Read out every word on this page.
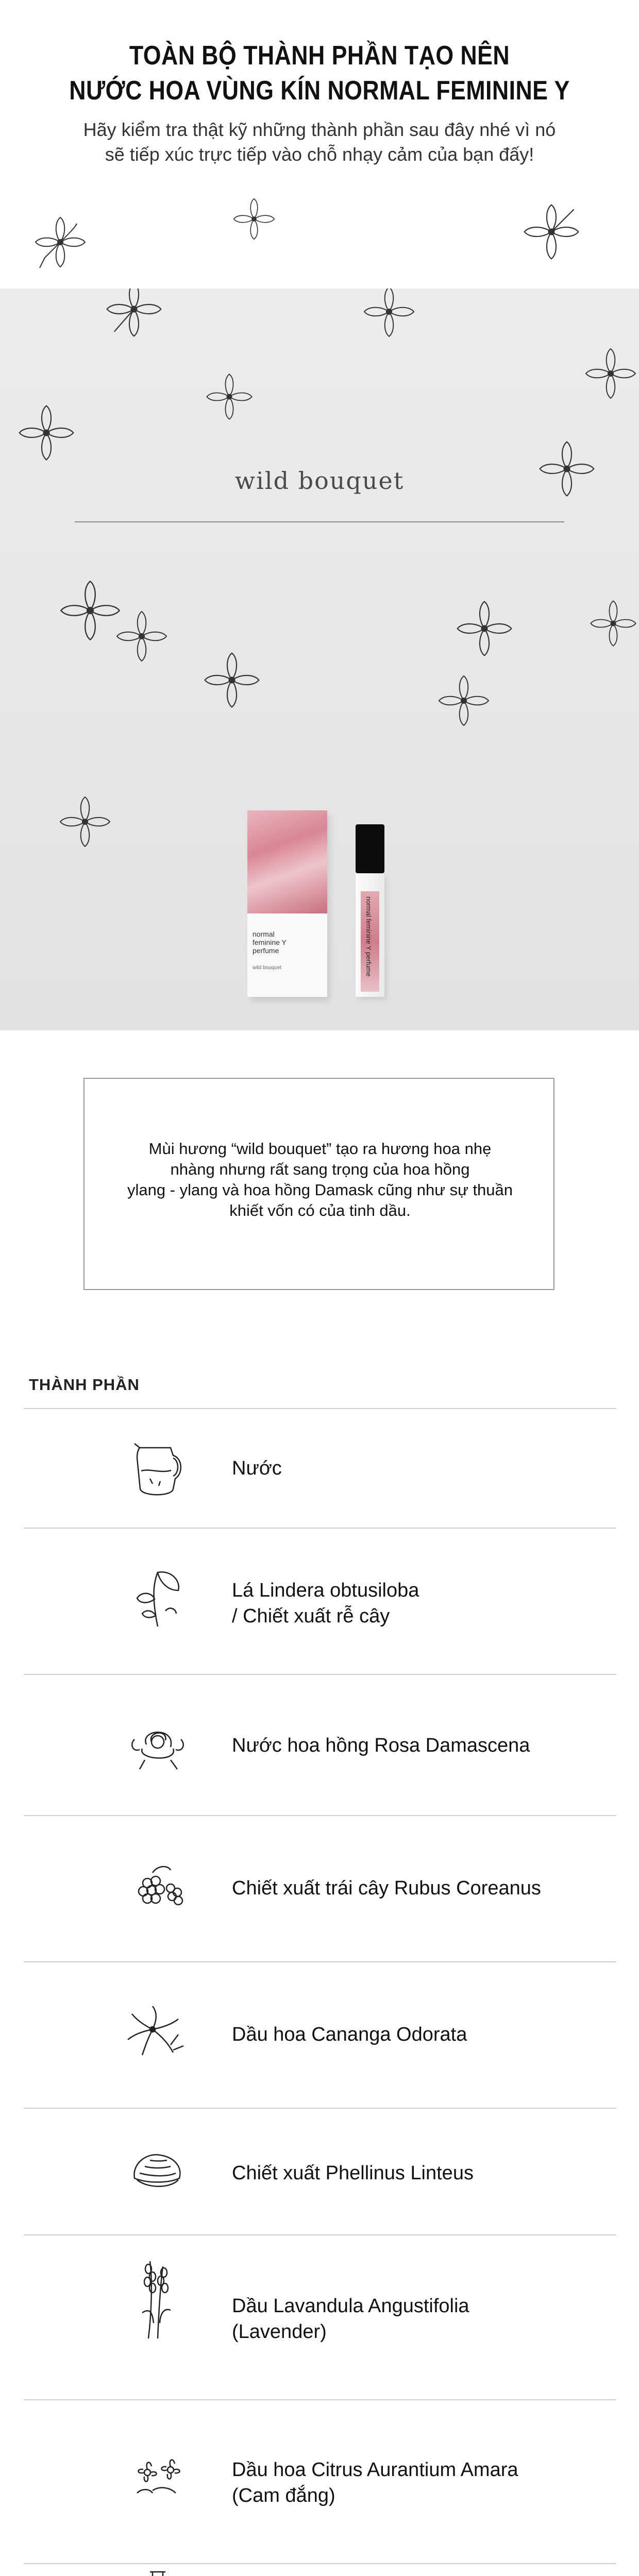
TOÀN BỘ THÀNH PHẦN TẠO NÊN
NƯỚC HOA VÙNG KÍN NORMAL FEMININE Y
Hãy kiểm tra thật kỹ những thành phần sau đây nhé vì nó
sẽ tiếp xúc trực tiếp vào chỗ nhạy cảm của bạn đấy!
wild bouquet
normal
feminine Y
perfume
wild bouquet	normal feminine Y perfume
Mùi hương “wild bouquet” tạo ra hương hoa nhẹ
nhàng nhưng rất sang trọng của hoa hồng
ylang - ylang và hoa hồng Damask cũng như sự thuần
khiết vốn có của tinh dầu.
THÀNH PHẦN
Nước
Lá Lindera obtusiloba
/ Chiết xuất rễ cây
Nước hoa hồng Rosa Damascena
Chiết xuất trái cây Rubus Coreanus
Dầu hoa Cananga Odorata
Chiết xuất Phellinus Linteus
Dầu Lavandula Angustifolia
(Lavender)
Dầu hoa Citrus Aurantium Amara
(Cam đắng)
